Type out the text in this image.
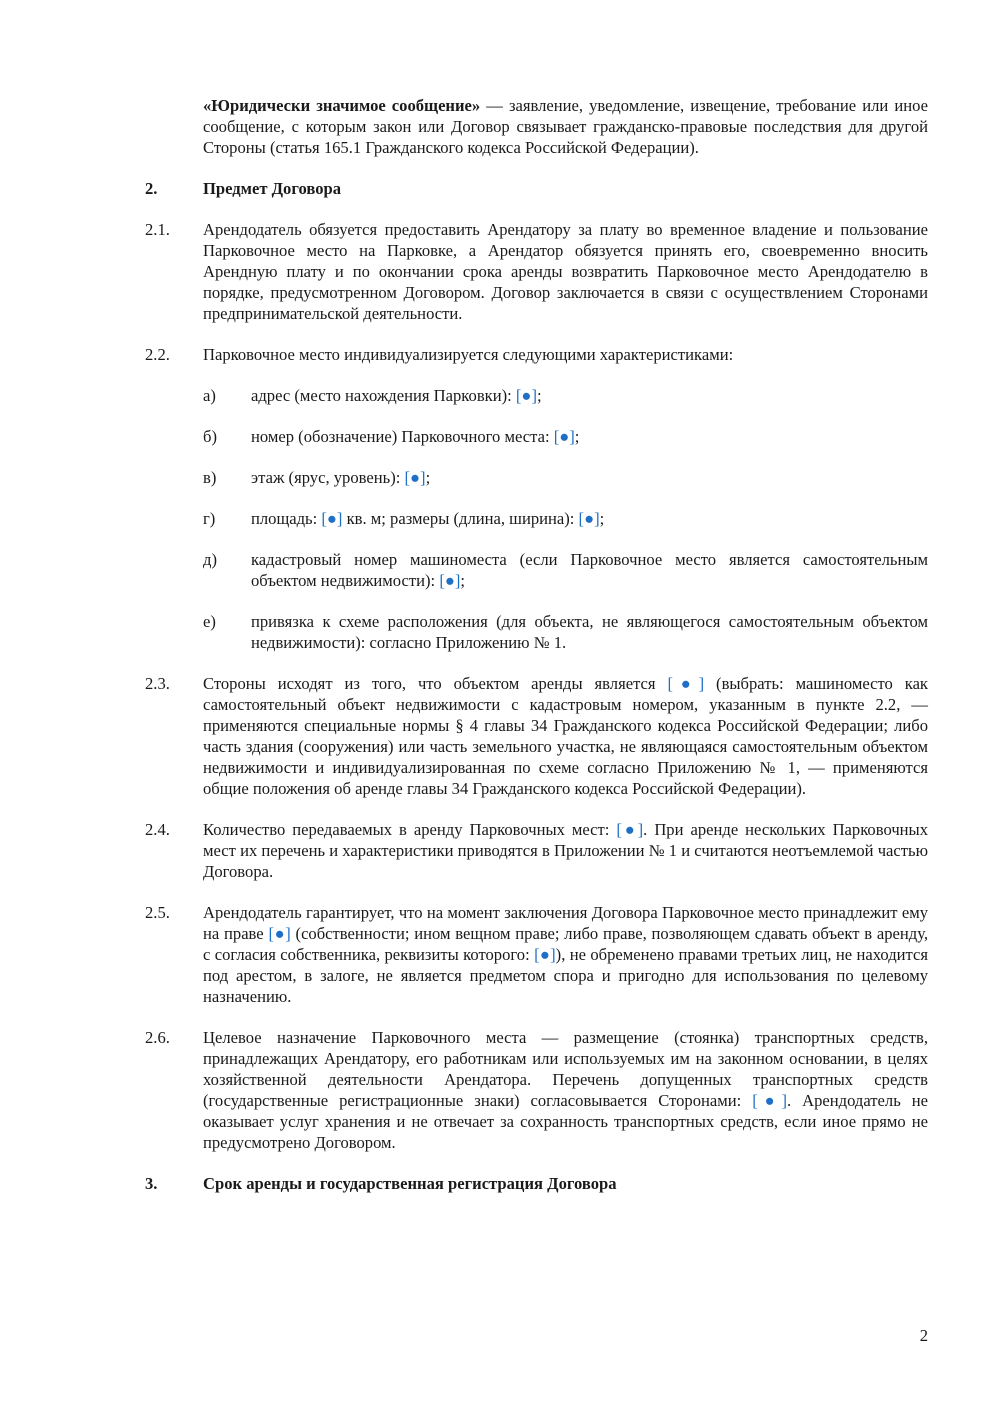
«Юридически значимое сообщение» — заявление, уведомление, извещение, требование или иное сообщение, с которым закон или Договор связывает гражданско-правовые последствия для другой Стороны (статья 165.1 Гражданского кодекса Российской Федерации).

2.	Предмет Договора
2.1.	Арендодатель обязуется предоставить Арендатору за плату во временное владение и пользование Парковочное место на Парковке, а Арендатор обязуется принять его, своевременно вносить Арендную плату и по окончании срока аренды возвратить Парковочное место Арендодателю в порядке, предусмотренном Договором. Договор заключается в связи с осуществлением Сторонами предпринимательской деятельности.
2.2.	Парковочное место индивидуализируется следующими характеристиками:
а)	адрес (место нахождения Парковки): [●];
б)	номер (обозначение) Парковочного места: [●];
в)	этаж (ярус, уровень): [●];
г)	площадь: [●] кв. м; размеры (длина, ширина): [●];
д)	кадастровый номер машиноместа (если Парковочное место является самостоятельным объектом недвижимости): [●];
е)	привязка к схеме расположения (для объекта, не являющегося самостоятельным объектом недвижимости): согласно Приложению № 1.
2.3.	Стороны исходят из того, что объектом аренды является [●] (выбрать: машиноместо как самостоятельный объект недвижимости с кадастровым номером, указанным в пункте 2.2, — применяются специальные нормы § 4 главы 34 Гражданского кодекса Российской Федерации; либо часть здания (сооружения) или часть земельного участка, не являющаяся самостоятельным объектом недвижимости и индивидуализированная по схеме согласно Приложению № 1, — применяются общие положения об аренде главы 34 Гражданского кодекса Российской Федерации).
2.4.	Количество передаваемых в аренду Парковочных мест: [●]. При аренде нескольких Парковочных мест их перечень и характеристики приводятся в Приложении № 1 и считаются неотъемлемой частью Договора.
2.5.	Арендодатель гарантирует, что на момент заключения Договора Парковочное место принадлежит ему на праве [●] (собственности; ином вещном праве; либо праве, позволяющем сдавать объект в аренду, с согласия собственника, реквизиты которого: [●]), не обременено правами третьих лиц, не находится под арестом, в залоге, не является предметом спора и пригодно для использования по целевому назначению.
2.6.	Целевое назначение Парковочного места — размещение (стоянка) транспортных средств, принадлежащих Арендатору, его работникам или используемых им на законном основании, в целях хозяйственной деятельности Арендатора. Перечень допущенных транспортных средств (государственные регистрационные знаки) согласовывается Сторонами: [●]. Арендодатель не оказывает услуг хранения и не отвечает за сохранность транспортных средств, если иное прямо не предусмотрено Договором.
3.	Срок аренды и государственная регистрация Договора
2
